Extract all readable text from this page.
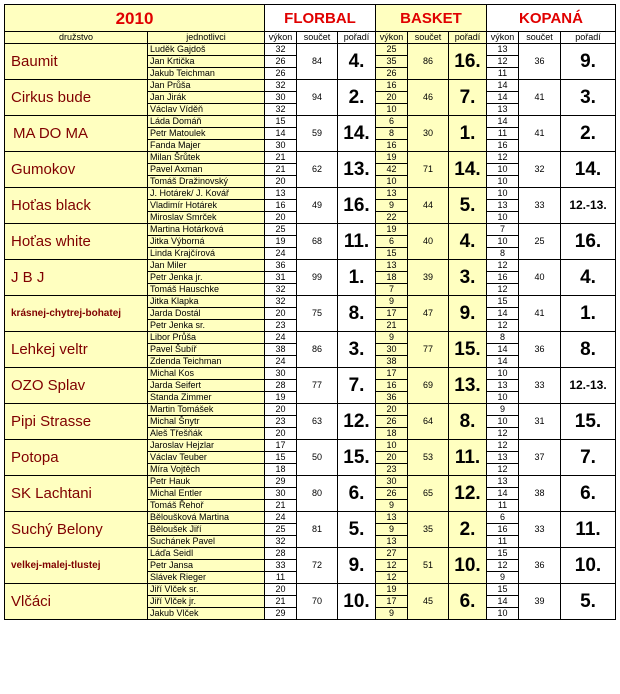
2010		FLORBAL			BASKET			KOPANÁ		
družstvo	jednotlivci	výkon	součet	pořadí	výkon	součet	pořadí	výkon	součet	pořadí
Baumit	Luděk Gajdoš	32	84	4.	25	86	16.	13	36	9.
	Jan Krtička	26			35			12		
	Jakub Teichman	26			26			11		
Cirkus bude	Jan Průša	32	94	2.	16	46	7.	14	41	3.
	Jan Jirák	30			20			14		
	Václav Víděň	32			10			13		
MA DO MA	Láda Domáň	15	59	14.	6	30	1.	14	41	2.
	Petr Matoulek	14			8			11		
	Fanda Majer	30			16			16		
Gumokov	Milan Šrůtek	21	62	13.	19	71	14.	12	32	14.
	Pavel Axman	21			42			10		
	Tomáš Dražinovský	20			10			10		
Hoťas black	J. Hotárek/ J. Kovář	13	49	16.	13	44	5.	10	33	12.-13.
	Vladimír Hotárek	16			9			13		
	Miroslav Smrček	20			22			10		
Hoťas white	Martina Hotárková	25	68	11.	19	40	4.	7	25	16.
	Jitka Výborná	19			6			10		
	Linda Krajčírová	24			15			8		
J B J	Jan Miler	36	99	1.	13	39	3.	12	40	4.
	Petr Jenka jr.	31			18			16		
	Tomáš Hauschke	32			7			12		
krásnej-chytrej-bohatej	Jitka Klapka	32	75	8.	9	47	9.	15	41	1.
	Jarda Dostál	20			17			14		
	Petr Jenka sr.	23			21			12		
Lehkej veltr	Libor Průša	24	86	3.	9	77	15.	8	36	8.
	Pavel Šubíř	38			30			14		
	Zdenda Teichman	24			38			14		
OZO Splav	Michal Kos	30	77	7.	17	69	13.	10	33	12.-13.
	Jarda Seifert	28			16			13		
	Standa Zimmer	19			36			10		
Pipi Strasse	Martin Tomášek	20	63	12.	20	64	8.	9	31	15.
	Michal Šnytr	23			26			10		
	Aleš Třešňák	20			18			12		
Potopa	Jaroslav Hejzlar	17	50	15.	10	53	11.	12	37	7.
	Václav Teuber	15			20			13		
	Míra Vojtěch	18			23			12		
SK Lachtani	Petr Hauk	29	80	6.	30	65	12.	13	38	6.
	Michal Entler	30			26			14		
	Tomáš Řehoř	21			9			11		
Suchý Belony	Běloušková Martina	24	81	5.	13	35	2.	6	33	11.
	Běloušek Jiří	25			9			16		
	Suchánek Pavel	32			13			11		
velkej-malej-tlustej	Láďa Seidl	28	72	9.	27	51	10.	15	36	10.
	Petr Jansa	33			12			12		
	Slávek Rieger	11			12			9		
Vlčáci	Jiří Vlček sr.	20	70	10.	19	45	6.	15	39	5.
	Jiří Vlček jr.	21			17			14		
	Jakub Vlček	29			9			10		
